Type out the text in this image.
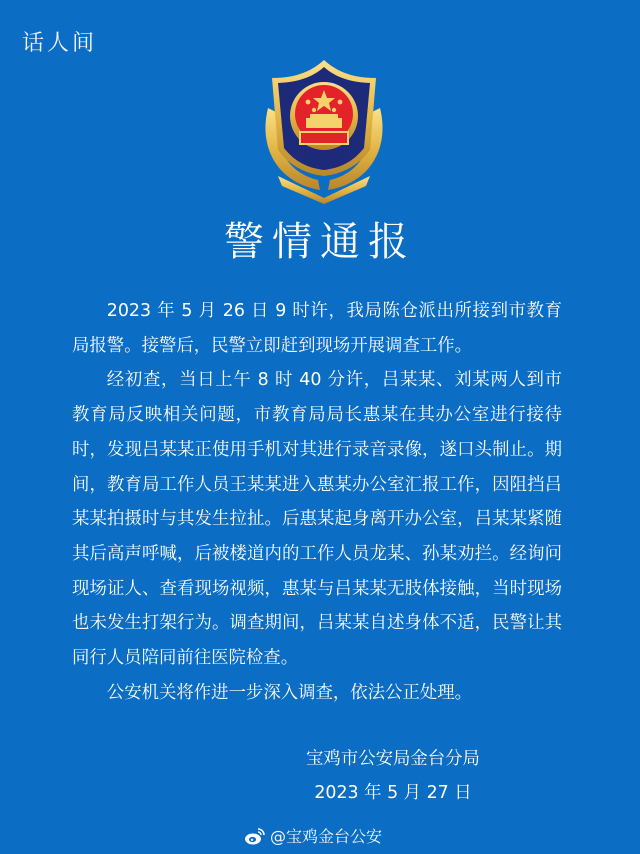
话人间
警情通报

2023 年 5 月 26 日 9 时许，我局陈仓派出所接到市教育局报警。接警后，民警立即赶到现场开展调查工作。

经初查，当日上午 8 时 40 分许，吕某某、刘某两人到市教育局反映相关问题，市教育局局长惠某在其办公室进行接待时，发现吕某某正使用手机对其进行录音录像，遂口头制止。期间，教育局工作人员王某某进入惠某办公室汇报工作，因阻挡吕某某拍摄时与其发生拉扯。后惠某起身离开办公室，吕某某紧随其后高声呼喊，后被楼道内的工作人员龙某、孙某劝拦。经询问现场证人、查看现场视频，惠某与吕某某无肢体接触，当时现场也未发生打架行为。调查期间，吕某某自述身体不适，民警让其同行人员陪同前往医院检查。

公安机关将作进一步深入调查，依法公正处理。

宝鸡市公安局金台分局
2023 年 5 月 27 日
@宝鸡金台公安
